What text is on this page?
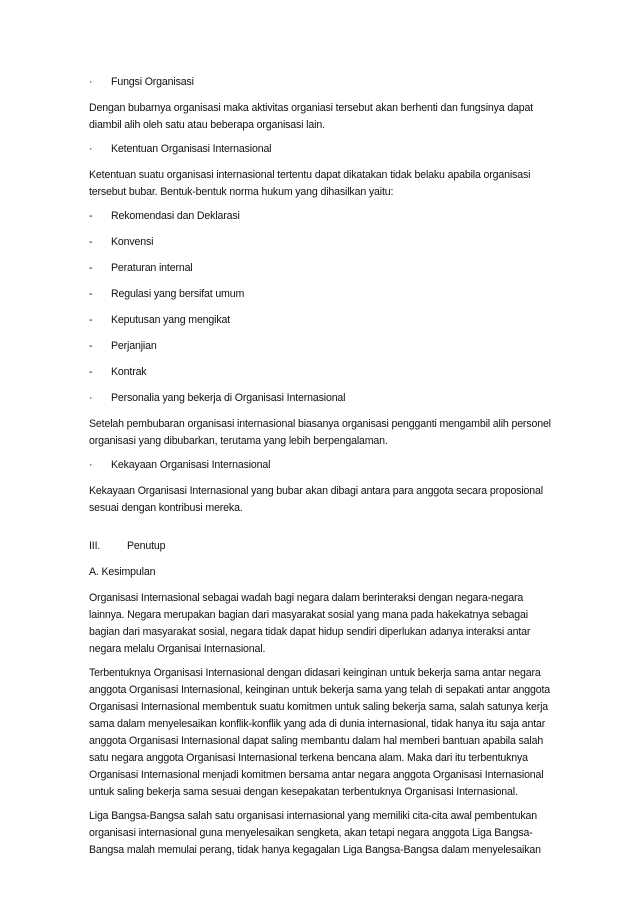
·	Fungsi Organisasi
Dengan bubarnya organisasi maka aktivitas organiasi tersebut akan berhenti dan fungsinya dapat
diambil alih oleh satu atau beberapa organisasi lain.
·	Ketentuan Organisasi Internasional
Ketentuan suatu organisasi internasional tertentu dapat dikatakan tidak belaku apabila organisasi
tersebut bubar. Bentuk-bentuk norma hukum yang dihasilkan yaitu:
-	Rekomendasi dan Deklarasi
-	Konvensi
-	Peraturan internal
-	Regulasi yang bersifat umum
-	Keputusan yang mengikat
-	Perjanjian
-	Kontrak
·	Personalia yang bekerja di Organisasi Internasional
Setelah pembubaran organisasi internasional biasanya organisasi pengganti mengambil alih personel
organisasi yang dibubarkan, terutama yang lebih berpengalaman.
·	Kekayaan Organisasi Internasional
Kekayaan Organisasi Internasional yang bubar akan dibagi antara para anggota secara proposional
sesuai dengan kontribusi mereka.
III.	Penutup
A. Kesimpulan
Organisasi Internasional sebagai wadah bagi negara dalam berinteraksi dengan negara-negara
lainnya. Negara merupakan bagian dari masyarakat sosial yang mana pada hakekatnya sebagai
bagian dari masyarakat sosial, negara tidak dapat hidup sendiri diperlukan adanya interaksi antar
negara melalu Organisai Internasional.
Terbentuknya Organisasi Internasional dengan didasari keinginan untuk bekerja sama antar negara
anggota Organisasi Internasional, keinginan untuk bekerja sama yang telah di sepakati antar anggota
Organisasi Internasional membentuk suatu komitmen untuk saling bekerja sama, salah satunya kerja
sama dalam menyelesaikan konflik-konflik yang ada di dunia internasional, tidak hanya itu saja antar
anggota Organisasi Internasional dapat saling membantu dalam hal memberi bantuan apabila salah
satu negara anggota Organisasi Internasional terkena bencana alam. Maka dari itu terbentuknya
Organisasi Internasional menjadi komitmen bersama antar negara anggota Organisasi Internasional
untuk saling bekerja sama sesuai dengan kesepakatan terbentuknya Organisasi Internasional.
Liga Bangsa-Bangsa salah satu organisasi internasional yang memiliki cita-cita awal pembentukan
organisasi internasional guna menyelesaikan sengketa, akan tetapi negara anggota Liga Bangsa-
Bangsa malah memulai perang, tidak hanya kegagalan Liga Bangsa-Bangsa dalam menyelesaikan
